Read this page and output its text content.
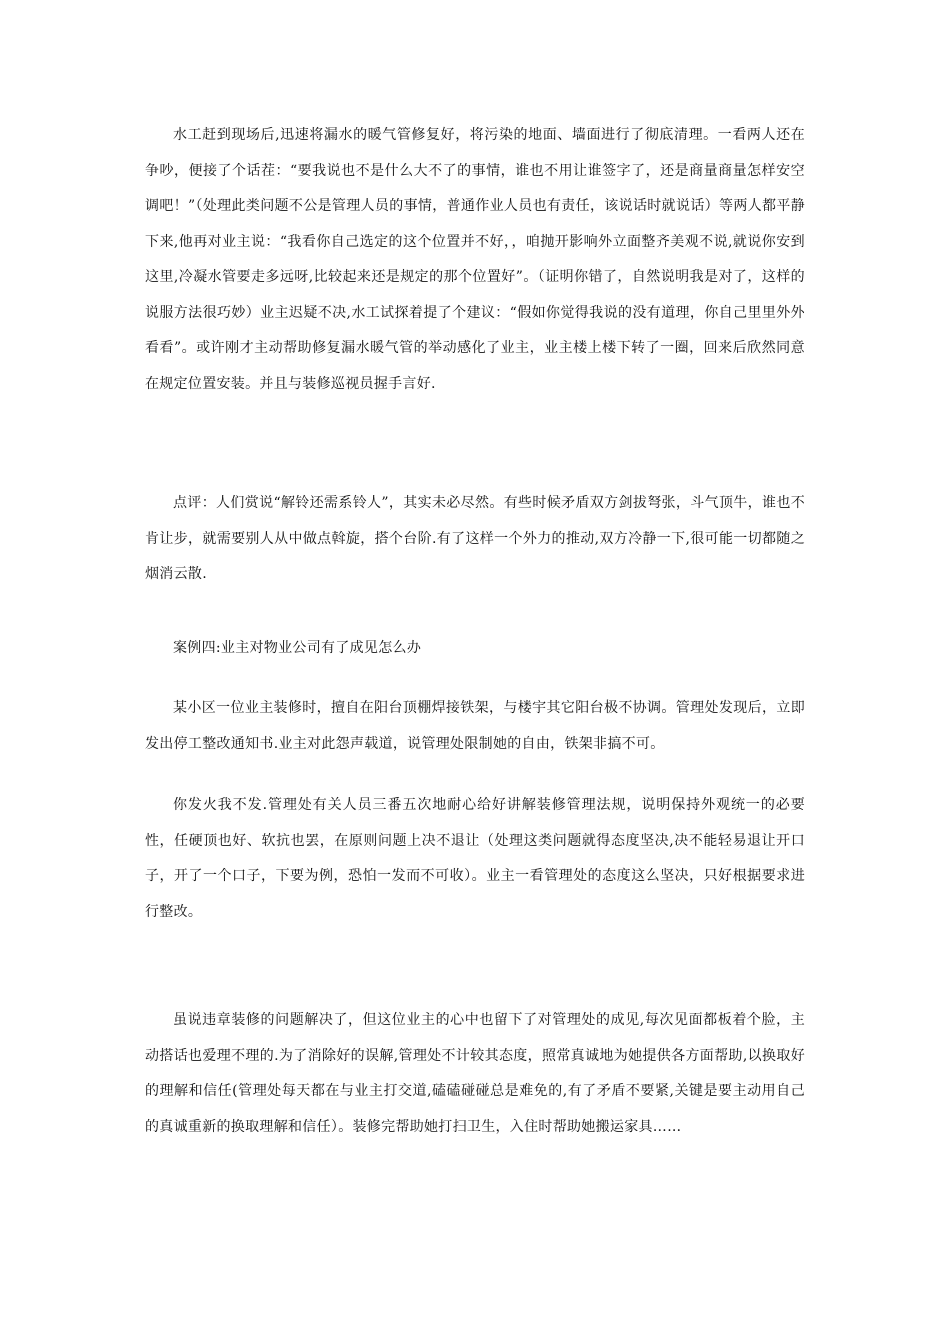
水工赶到现场后,迅速将漏水的暖气管修复好，将污染的地面、墙面进行了彻底清理。一看两人还在争吵，便接了个话茬：“要我说也不是什么大不了的事情，谁也不用让谁签字了，还是商量商量怎样安空调吧！”（处理此类问题不公是管理人员的事情，普通作业人员也有责任，该说话时就说话）等两人都平静下来,他再对业主说：“我看你自己选定的这个位置并不好，，咱抛开影响外立面整齐美观不说,就说你安到这里,冷凝水管要走多远呀,比较起来还是规定的那个位置好”。（证明你错了，自然说明我是对了，这样的说服方法很巧妙）业主迟疑不决,水工试探着提了个建议：“假如你觉得我说的没有道理，你自己里里外外看看”。或许刚才主动帮助修复漏水暖气管的举动感化了业主，业主楼上楼下转了一圈，回来后欣然同意在规定位置安装。并且与装修巡视员握手言好.

点评：人们赏说“解铃还需系铃人”，其实未必尽然。有些时候矛盾双方剑拔弩张，斗气顶牛，谁也不肯让步，就需要别人从中做点斡旋，搭个台阶.有了这样一个外力的推动,双方冷静一下,很可能一切都随之烟消云散.

案例四:业主对物业公司有了成见怎么办

某小区一位业主装修时，擅自在阳台顶棚焊接铁架，与楼宇其它阳台极不协调。管理处发现后，立即发出停工整改通知书.业主对此怨声载道，说管理处限制她的自由，铁架非搞不可。

你发火我不发.管理处有关人员三番五次地耐心给好讲解装修管理法规，说明保持外观统一的必要性，任硬顶也好、软抗也罢，在原则问题上决不退让（处理这类问题就得态度坚决,决不能轻易退让开口子，开了一个口子，下要为例，恐怕一发而不可收）。业主一看管理处的态度这么坚决，只好根据要求进行整改。

虽说违章装修的问题解决了，但这位业主的心中也留下了对管理处的成见,每次见面都板着个脸，主动搭话也爱理不理的.为了消除好的误解,管理处不计较其态度，照常真诚地为她提供各方面帮助,以换取好的理解和信任(管理处每天都在与业主打交道,磕磕碰碰总是难免的,有了矛盾不要紧,关键是要主动用自己的真诚重新的换取理解和信任）。装修完帮助她打扫卫生，入住时帮助她搬运家具……
